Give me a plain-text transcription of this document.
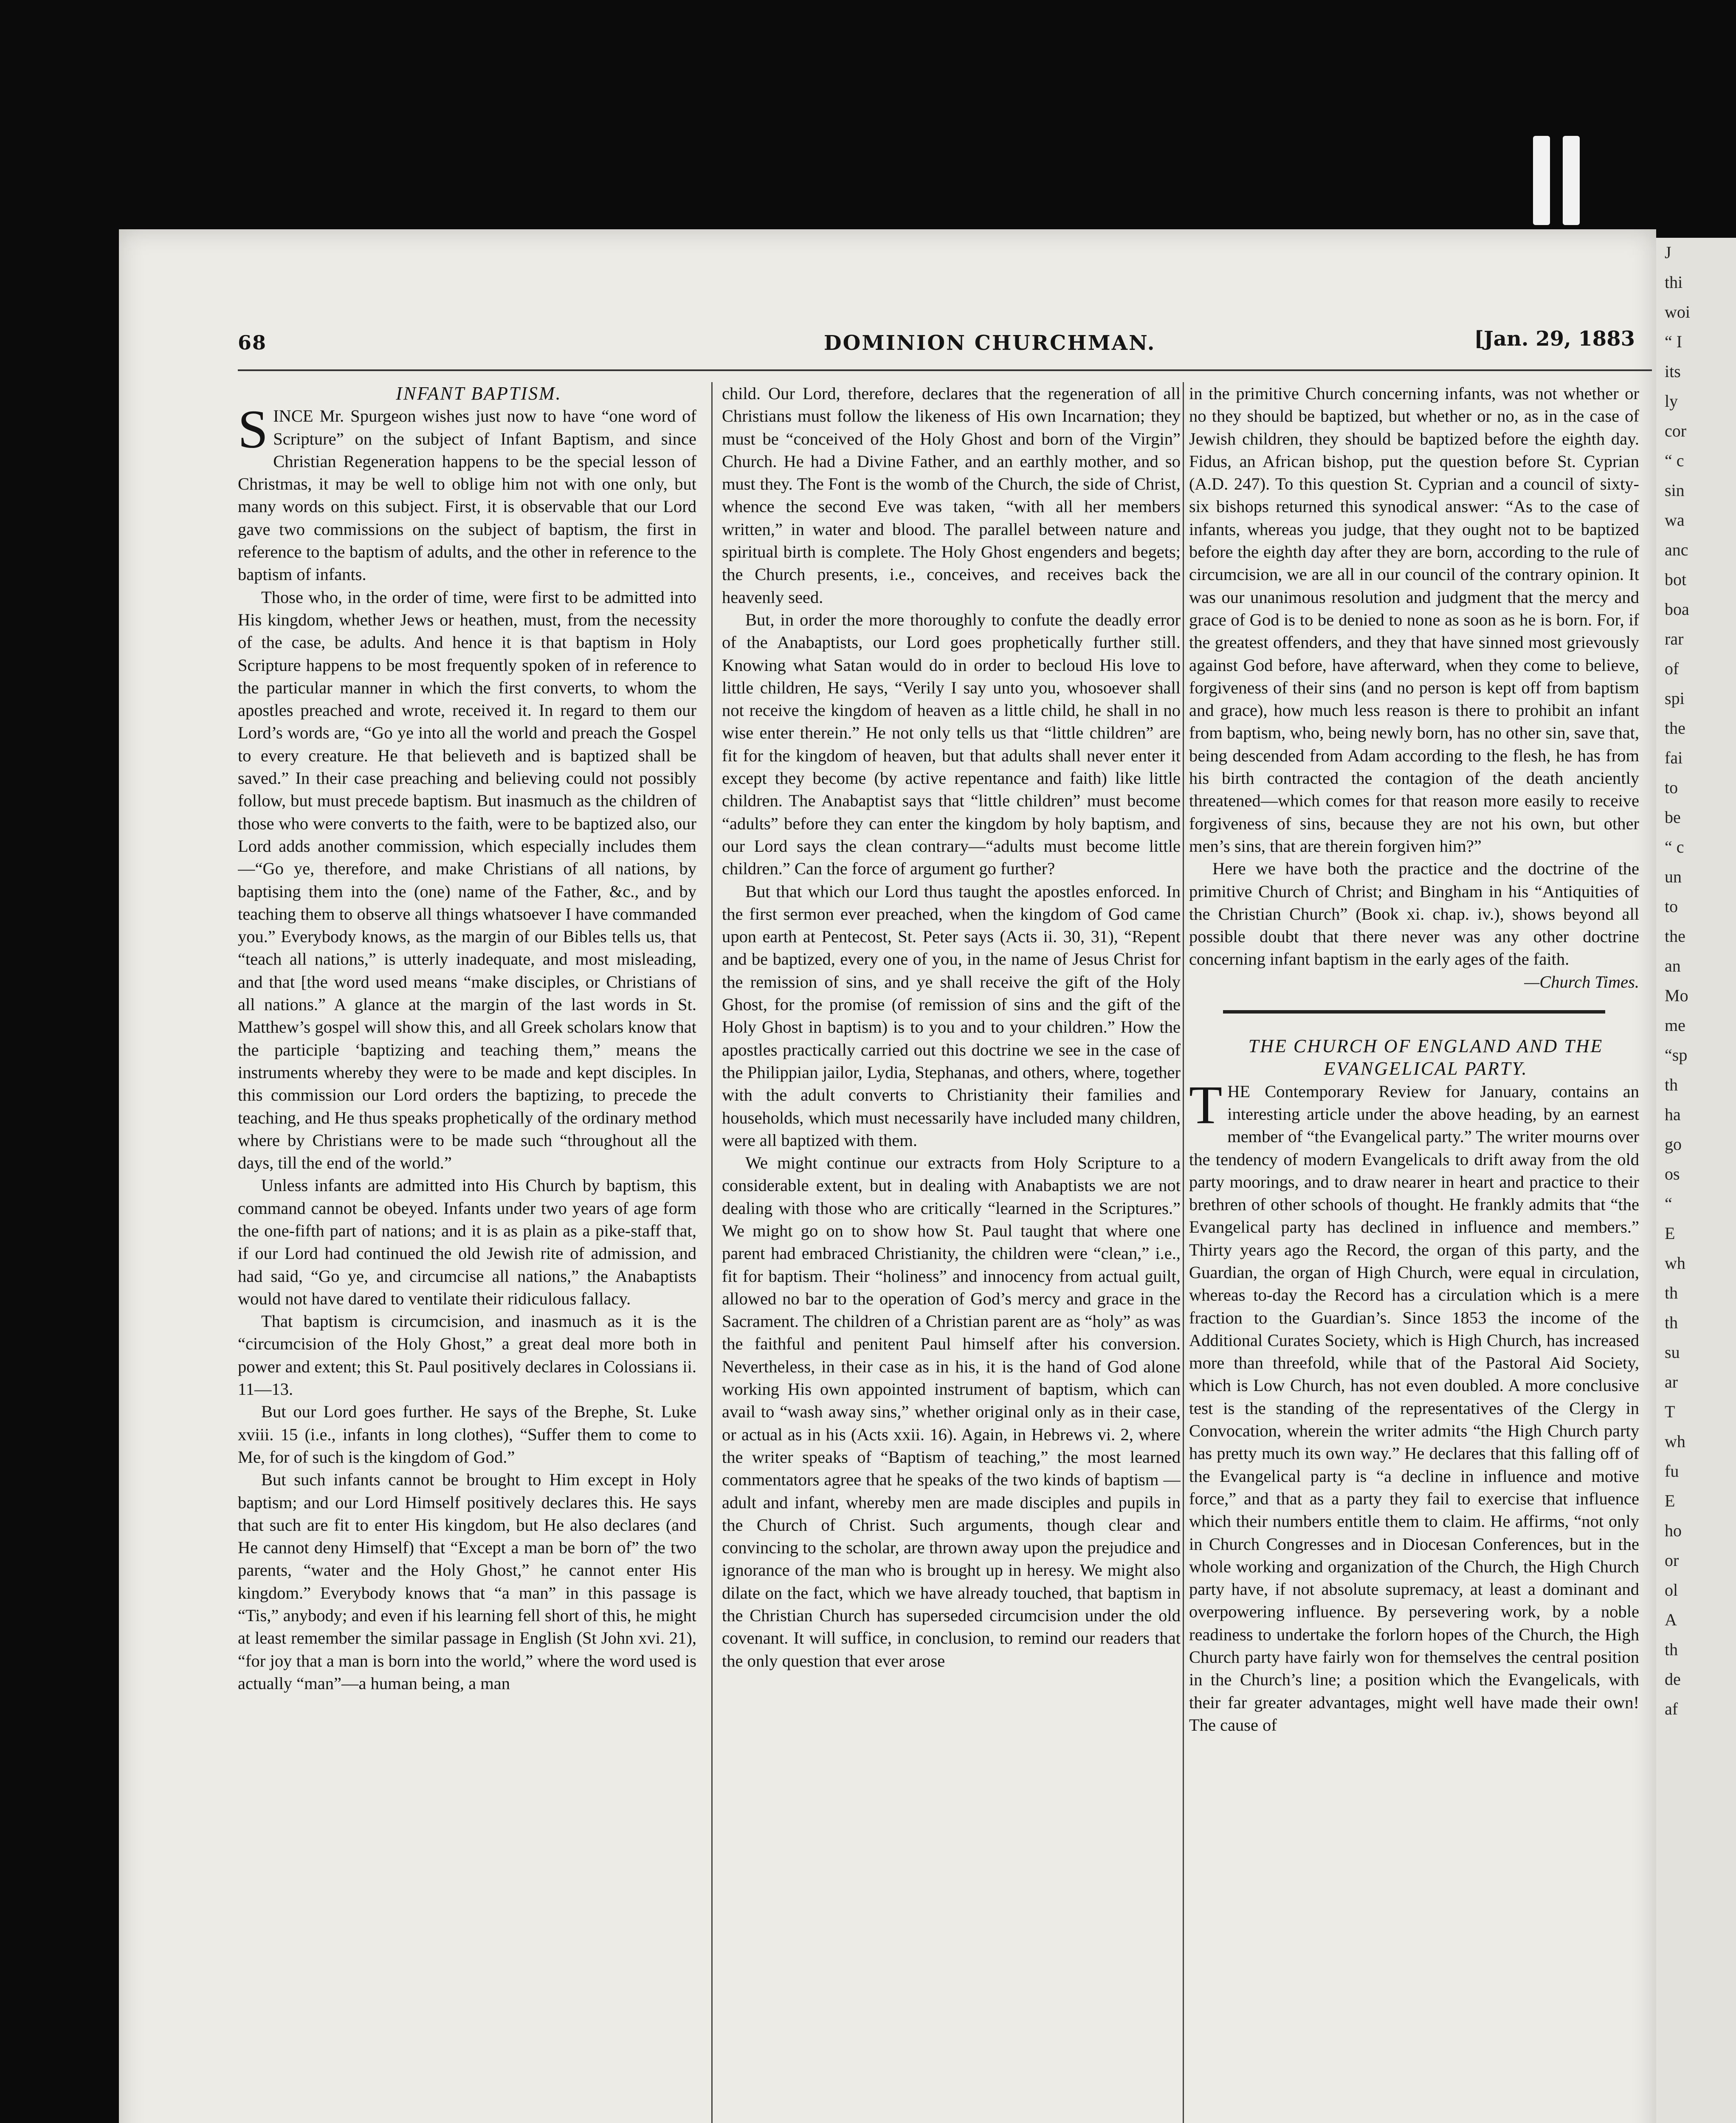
J
thi
woi
“ I
its
ly
cor
“ c
sin
wa
anc
bot
boa
rar
of
spi
the
fai
to
be
“ c
un
to
the
an
Mo
me
“sp
th
ha
go
os
“
E
wh
th
th
su
ar
T
wh
fu
E
ho
or
ol
A
th
de
af
68	DOMINION CHURCHMAN.	[Jan. 29, 1883

INFANT BAPTISM.

SINCE Mr. Spurgeon wishes just now to have “one word of Scripture” on the subject of Infant Baptism, and since Christian Regeneration happens to be the special lesson of Christmas, it may be well to oblige him not with one only, but many words on this subject. First, it is observable that our Lord gave two commissions on the subject of baptism, the first in reference to the baptism of adults, and the other in reference to the baptism of infants.

Those who, in the order of time, were first to be admitted into His kingdom, whether Jews or heathen, must, from the necessity of the case, be adults. And hence it is that baptism in Holy Scripture happens to be most frequently spoken of in reference to the particular manner in which the first converts, to whom the apostles preached and wrote, received it. In regard to them our Lord’s words are, “Go ye into all the world and preach the Gospel to every creature. He that believeth and is baptized shall be saved.” In their case preaching and believing could not possibly follow, but must precede baptism. But inasmuch as the children of those who were converts to the faith, were to be baptized also, our Lord adds another commission, which especially includes them—“Go ye, therefore, and make Christians of all nations, by baptising them into the (one) name of the Father, &c., and by teaching them to observe all things whatsoever I have commanded you.” Everybody knows, as the margin of our Bibles tells us, that “teach all nations,” is utterly inadequate, and most misleading, and that [the word used means “make disciples, or Christians of all nations.” A glance at the margin of the last words in St. Matthew’s gospel will show this, and all Greek scholars know that the participle ‘baptizing and teaching them,” means the instruments whereby they were to be made and kept disciples. In this commission our Lord orders the baptizing, to precede the teaching, and He thus speaks prophetically of the ordinary method where by Christians were to be made such “throughout all the days, till the end of the world.”

Unless infants are admitted into His Church by baptism, this command cannot be obeyed. Infants under two years of age form the one-fifth part of nations; and it is as plain as a pike-staff that, if our Lord had continued the old Jewish rite of admission, and had said, “Go ye, and circumcise all nations,” the Anabaptists would not have dared to ventilate their ridiculous fallacy.

That baptism is circumcision, and inasmuch as it is the “circumcision of the Holy Ghost,” a great deal more both in power and extent; this St. Paul positively declares in Colossians ii. 11—13.

But our Lord goes further. He says of the Brephe, St. Luke xviii. 15 (i.e., infants in long clothes), “Suffer them to come to Me, for of such is the kingdom of God.”

But such infants cannot be brought to Him except in Holy baptism; and our Lord Himself positively declares this. He says that such are fit to enter His kingdom, but He also declares (and He cannot deny Himself) that “Except a man be born of” the two parents, “water and the Holy Ghost,” he cannot enter His kingdom.” Everybody knows that “a man” in this passage is “Tis,” anybody; and even if his learning fell short of this, he might at least remember the similar passage in English (St John xvi. 21), “for joy that a man is born into the world,” where the word used is actually “man”—a human being, a man

child. Our Lord, therefore, declares that the regeneration of all Christians must follow the likeness of His own Incarnation; they must be “conceived of the Holy Ghost and born of the Virgin” Church. He had a Divine Father, and an earthly mother, and so must they. The Font is the womb of the Church, the side of Christ, whence the second Eve was taken, “with all her members written,” in water and blood. The parallel between nature and spiritual birth is complete. The Holy Ghost engenders and begets; the Church presents, i.e., conceives, and receives back the heavenly seed.

But, in order the more thoroughly to confute the deadly error of the Anabaptists, our Lord goes prophetically further still. Knowing what Satan would do in order to becloud His love to little children, He says, “Verily I say unto you, whosoever shall not receive the kingdom of heaven as a little child, he shall in no wise enter therein.” He not only tells us that “little children” are fit for the kingdom of heaven, but that adults shall never enter it except they become (by active repentance and faith) like little children. The Anabaptist says that “little children” must become “adults” before they can enter the kingdom by holy baptism, and our Lord says the clean contrary—“adults must become little children.” Can the force of argument go further?

But that which our Lord thus taught the apostles enforced. In the first sermon ever preached, when the kingdom of God came upon earth at Pentecost, St. Peter says (Acts ii. 30, 31), “Repent and be baptized, every one of you, in the name of Jesus Christ for the remission of sins, and ye shall receive the gift of the Holy Ghost, for the promise (of remission of sins and the gift of the Holy Ghost in baptism) is to you and to your children.” How the apostles practically carried out this doctrine we see in the case of the Philippian jailor, Lydia, Stephanas, and others, where, together with the adult converts to Christianity their families and households, which must necessarily have included many children, were all baptized with them.

We might continue our extracts from Holy Scripture to a considerable extent, but in dealing with Anabaptists we are not dealing with those who are critically “learned in the Scriptures.” We might go on to show how St. Paul taught that where one parent had embraced Christianity, the children were “clean,” i.e., fit for baptism. Their “holiness” and innocency from actual guilt, allowed no bar to the operation of God’s mercy and grace in the Sacrament. The children of a Christian parent are as “holy” as was the faithful and penitent Paul himself after his conversion. Nevertheless, in their case as in his, it is the hand of God alone working His own appointed instrument of baptism, which can avail to “wash away sins,” whether original only as in their case, or actual as in his (Acts xxii. 16). Again, in Hebrews vi. 2, where the writer speaks of “Baptism of teaching,” the most learned commentators agree that he speaks of the two kinds of baptism —adult and infant, whereby men are made disciples and pupils in the Church of Christ. Such arguments, though clear and convincing to the scholar, are thrown away upon the prejudice and ignorance of the man who is brought up in heresy. We might also dilate on the fact, which we have already touched, that baptism in the Christian Church has superseded circumcision under the old covenant. It will suffice, in conclusion, to remind our readers that the only question that ever arose

in the primitive Church concerning infants, was not whether or no they should be baptized, but whether or no, as in the case of Jewish children, they should be baptized before the eighth day. Fidus, an African bishop, put the question before St. Cyprian (A.D. 247). To this question St. Cyprian and a council of sixty-six bishops returned this synodical answer: “As to the case of infants, whereas you judge, that they ought not to be baptized before the eighth day after they are born, according to the rule of circumcision, we are all in our council of the contrary opinion. It was our unanimous resolution and judgment that the mercy and grace of God is to be denied to none as soon as he is born. For, if the greatest offenders, and they that have sinned most grievously against God before, have afterward, when they come to believe, forgiveness of their sins (and no person is kept off from baptism and grace), how much less reason is there to prohibit an infant from baptism, who, being newly born, has no other sin, save that, being descended from Adam according to the flesh, he has from his birth contracted the contagion of the death anciently threatened—which comes for that reason more easily to receive forgiveness of sins, because they are not his own, but other men’s sins, that are therein forgiven him?”

Here we have both the practice and the doctrine of the primitive Church of Christ; and Bingham in his “Antiquities of the Christian Church” (Book xi. chap. iv.), shows beyond all possible doubt that there never was any other doctrine concerning infant baptism in the early ages of the faith.

—Church Times.

THE CHURCH OF ENGLAND AND THE

EVANGELICAL PARTY.

THE Contemporary Review for January, contains an interesting article under the above heading, by an earnest member of “the Evangelical party.” The writer mourns over the tendency of modern Evangelicals to drift away from the old party moorings, and to draw nearer in heart and practice to their brethren of other schools of thought. He frankly admits that “the Evangelical party has declined in influence and members.” Thirty years ago the Record, the organ of this party, and the Guardian, the organ of High Church, were equal in circulation, whereas to-day the Record has a circulation which is a mere fraction to the Guardian’s. Since 1853 the income of the Additional Curates Society, which is High Church, has increased more than threefold, while that of the Pastoral Aid Society, which is Low Church, has not even doubled. A more conclusive test is the standing of the representatives of the Clergy in Convocation, wherein the writer admits “the High Church party has pretty much its own way.” He declares that this falling off of the Evangelical party is “a decline in influence and motive force,” and that as a party they fail to exercise that influence which their numbers entitle them to claim. He affirms, “not only in Church Congresses and in Diocesan Conferences, but in the whole working and organization of the Church, the High Church party have, if not absolute supremacy, at least a dominant and overpowering influence. By persevering work, by a noble readiness to undertake the forlorn hopes of the Church, the High Church party have fairly won for themselves the central position in the Church’s line; a position which the Evangelicals, with their far greater advantages, might well have made their own! The cause of
